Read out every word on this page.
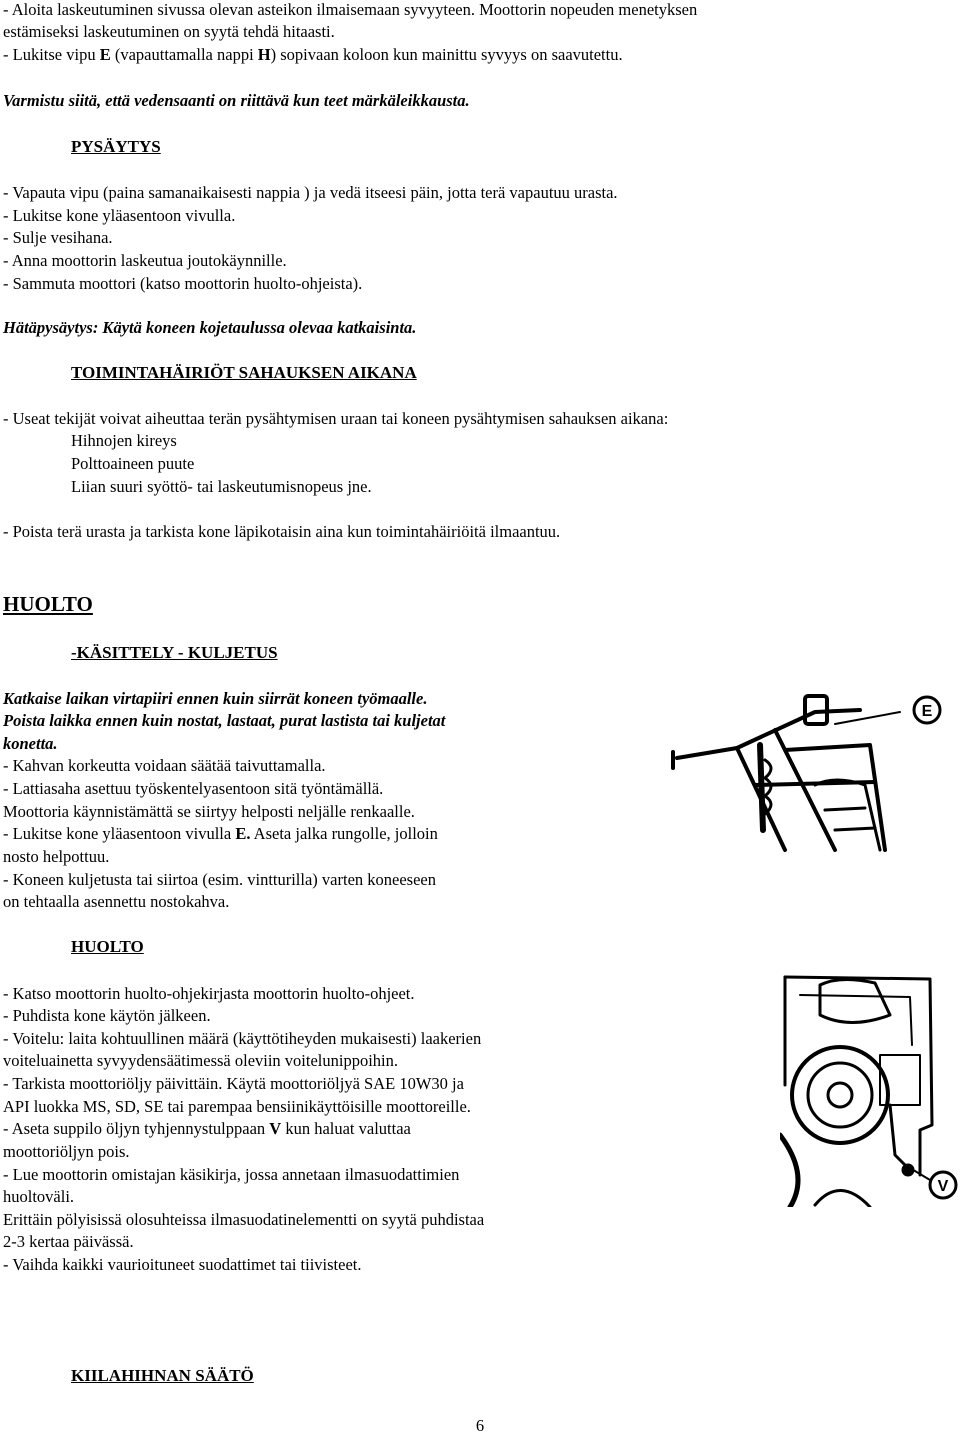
- Aloita laskeutuminen sivussa olevan asteikon ilmaisemaan syvyyteen. Moottorin nopeuden menetyksen
estämiseksi laskeutuminen on syytä tehdä hitaasti.
- Lukitse vipu E (vapauttamalla nappi H) sopivaan koloon kun mainittu syvyys on saavutettu.
Varmistu siitä, että vedensaanti on riittävä kun teet märkäleikkausta.
PYSÄYTYS
- Vapauta vipu (paina samanaikaisesti nappia ) ja vedä itseesi päin, jotta terä vapautuu urasta.
- Lukitse kone yläasentoon vivulla.
- Sulje vesihana.
- Anna moottorin laskeutua joutokäynnille.
- Sammuta moottori (katso moottorin huolto-ohjeista).
Hätäpysäytys: Käytä koneen kojetaulussa olevaa katkaisinta.
TOIMINTAHÄIRIÖT SAHAUKSEN AIKANA
- Useat tekijät voivat aiheuttaa terän pysähtymisen uraan tai koneen pysähtymisen sahauksen aikana:
Hihnojen kireys
Polttoaineen puute
Liian suuri syöttö- tai laskeutumisnopeus jne.
- Poista terä urasta ja tarkista kone läpikotaisin aina kun toimintahäiriöitä ilmaantuu.
HUOLTO
-KÄSITTELY - KULJETUS
Katkaise laikan virtapiiri ennen kuin siirrät koneen työmaalle.
Poista laikka ennen kuin nostat, lastaat, purat lastista tai kuljetat
konetta.
- Kahvan korkeutta voidaan säätää taivuttamalla.
- Lattiasaha asettuu työskentelyasentoon sitä työntämällä.
Moottoria käynnistämättä se siirtyy helposti neljälle renkaalle.
- Lukitse kone yläasentoon vivulla E. Aseta jalka rungolle, jolloin
nosto helpottuu.
- Koneen kuljetusta tai siirtoa (esim. vintturilla) varten koneeseen
on tehtaalla asennettu nostokahva.
HUOLTO
- Katso moottorin huolto-ohjekirjasta moottorin huolto-ohjeet.
- Puhdista kone käytön jälkeen.
- Voitelu: laita kohtuullinen määrä (käyttötiheyden mukaisesti) laakerien
voiteluainetta syvyydensäätimessä oleviin voitelunippoihin.
- Tarkista moottoriöljy päivittäin. Käytä moottoriöljyä SAE 10W30 ja
API luokka MS, SD, SE tai parempaa bensiinikäyttöisille moottoreille.
- Aseta suppilo öljyn tyhjennystulppaan V kun haluat valuttaa
moottoriöljyn pois.
- Lue moottorin omistajan käsikirja, jossa annetaan ilmasuodattimien
huoltoväli.
Erittäin pölyisissä olosuhteissa ilmasuodatinelementti on syytä puhdistaa
2-3 kertaa päivässä.
- Vaihda kaikki vaurioituneet suodattimet tai tiivisteet.
KIILAHIHNAN SÄÄTÖ
E
V
6
